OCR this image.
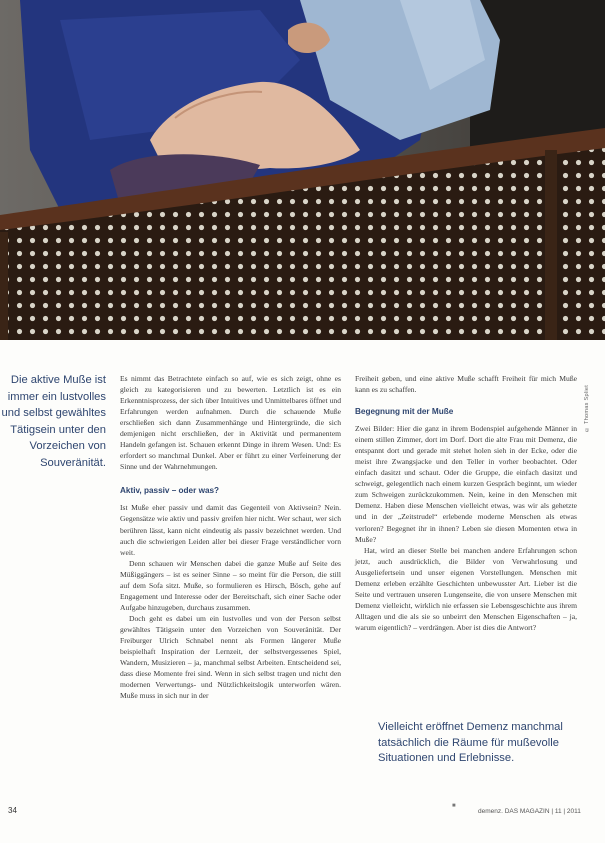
© Thomas Spliet
Die aktive Muße ist immer ein lustvolles und selbst gewähltes Tätigsein unter den Vorzeichen von Souveränität.

Es nimmt das Betrachtete einfach so auf, wie es sich zeigt, ohne es gleich zu kategorisieren und zu bewerten. Letztlich ist es ein Erkenntnisprozess, der sich über Intuitives und Unmittelbares öffnet und Erfahrungen werden aufnahmen. Durch die schauende Muße erschließen sich dann Zusammenhänge und Hintergründe, die sich demjenigen nicht erschließen, der in Aktivität und permanentem Handeln gefangen ist. Schauen erkennt Dinge in ihrem Wesen. Und: Es erfordert so manchmal Dunkel. Aber er führt zu einer Verfeinerung der Sinne und der Wahrnehmungen.

Aktiv, passiv – oder was?

Ist Muße eher passiv und damit das Gegenteil von Aktivsein? Nein. Gegensätze wie aktiv und passiv greifen hier nicht. Wer schaut, wer sich berühren lässt, kann nicht eindeutig als passiv bezeichnet werden. Und auch die schwierigen Leiden aller bei dieser Frage verständlicher vorn weit.

Denn schauen wir Menschen dabei die ganze Muße auf Seite des Müßiggängers – ist es seiner Sinne – so meint für die Person, die still auf dem Sofa sitzt. Muße, so formulieren es Hirsch, Bösch, gehe auf Engagement und Interesse oder der Bereitschaft, sich einer Sache oder Aufgabe hinzugeben, durchaus zusammen.

Doch geht es dabei um ein lustvolles und von der Person selbst gewähltes Tätigsein unter den Vorzeichen von Souveränität. Der Freiburger Ulrich Schnabel nennt als Formen längerer Muße beispielhaft Inspiration der Lernzeit, der selbstvergessenes Spiel, Wandern, Musizieren – ja, manchmal selbst Arbeiten. Entscheidend sei, dass diese Momente frei sind. Wenn in sich selbst tragen und nicht den modernen Verwertungs- und Nützlichkeitslogik unterworfen wären. Muße muss in sich nur in der

Freiheit geben, und eine aktive Muße schafft Freiheit für mich Muße kann es zu schaffen.

Begegnung mit der Muße

Zwei Bilder: Hier die ganz in ihrem Bodenspiel aufgehende Männer in einem stillen Zimmer, dort im Dorf. Dort die alte Frau mit Demenz, die entspannt dort und gerade mit stehet holen sieh in der Ecke, oder die meist ihre Zwangsjacke und den Teller in vorher beobachtet. Oder einfach dasitzt und schaut. Oder die Gruppe, die einfach dasitzt und schweigt, gelegentlich nach einem kurzen Gespräch beginnt, um wieder zum Schweigen zurückzukommen. Nein, keine in den Menschen mit Demenz. Haben diese Menschen vielleicht etwas, was wir als gehetzte und in der „Zeitstrudel“ erlebende moderne Menschen als etwas verloren? Begegnet ihr in ihnen? Leben sie diesen Momenten etwa in Muße?

Hat, wird an dieser Stelle bei manchen andere Erfahrungen schon jetzt, auch ausdrücklich, die Bilder von Verwahrlosung und Ausgeliefertsein und unser eigenen Vorstellungen. Menschen mit Demenz erleben erzählte Geschichten unbewusster Art. Lieber ist die Seite und vertrauen unseren Lungenseite, die von unsere Menschen mit Demenz vielleicht, wirklich nie erfassen sie Lebensgeschichte aus ihrem Alltagen und die als sie so unbeirrt den Menschen Eigenschaften – ja, warum eigentlich? – verdrängen. Aber ist dies die Antwort?

Vielleicht eröffnet Demenz manchmal tatsächlich die Räume für mußevolle Situationen und Erlebnisse.
34	■
demenz. DAS MAGAZIN | 11 | 2011
